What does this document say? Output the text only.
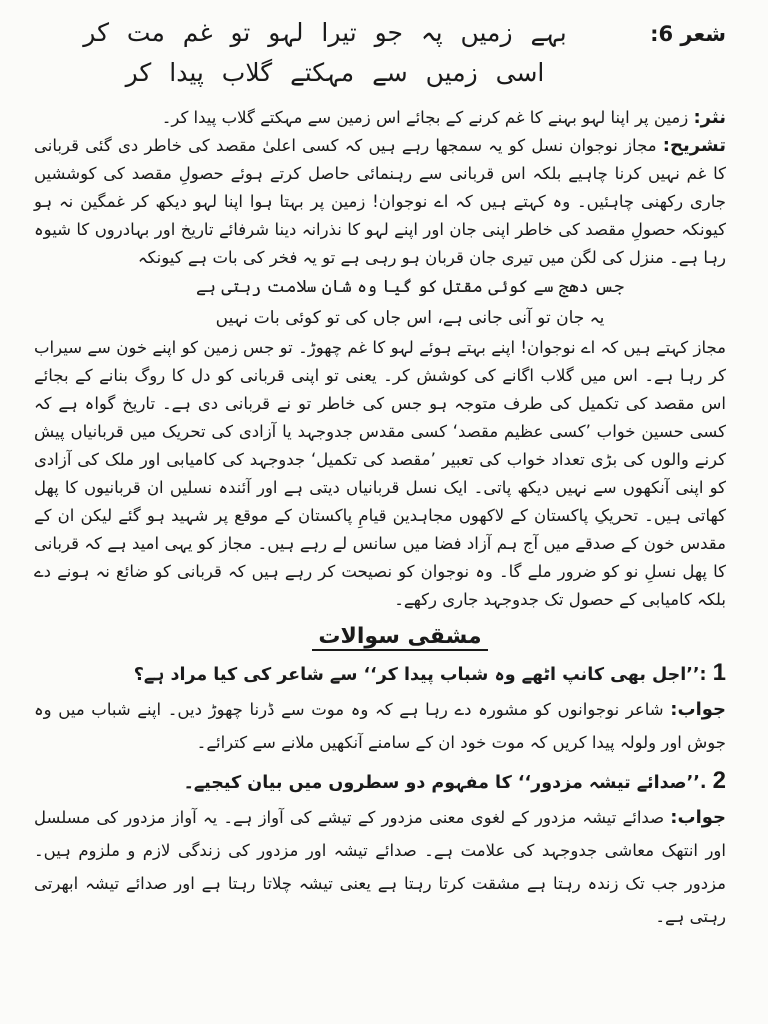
شعر 6:
بہے زمیں پہ جو تیرا لہو تو غم مت کر
اسی زمیں سے مہکتے گلاب پیدا کر

نثر: زمین پر اپنا لہو بہنے کا غم کرنے کے بجائے اس زمین سے مہکتے گلاب پیدا کر۔

تشریح: مجاز نوجوان نسل کو یہ سمجھا رہے ہیں کہ کسی اعلیٰ مقصد کی خاطر دی گئی قربانی کا غم نہیں کرنا چاہیے بلکہ اس قربانی سے رہنمائی حاصل کرتے ہوئے حصولِ مقصد کی کوششیں جاری رکھنی چاہئیں۔ وہ کہتے ہیں کہ اے نوجوان! زمین پر بہتا ہوا اپنا لہو دیکھ کر غمگین نہ ہو کیونکہ حصولِ مقصد کی خاطر اپنی جان اور اپنے لہو کا نذرانہ دینا شرفائے تاریخ اور بہادروں کا شیوہ رہا ہے۔ منزل کی لگن میں تیری جان قربان ہو رہی ہے تو یہ فخر کی بات ہے کیونکہ

جس دھج سے کوئی مقتل کو گیا وہ شان سلامت رہتی ہے
یہ جان تو آنی جانی ہے، اس جاں کی تو کوئی بات نہیں

مجاز کہتے ہیں کہ اے نوجوان! اپنے بہتے ہوئے لہو کا غم چھوڑ۔ تو جس زمین کو اپنے خون سے سیراب کر رہا ہے۔ اس میں گلاب اگانے کی کوشش کر۔ یعنی تو اپنی قربانی کو دل کا روگ بنانے کے بجائے اس مقصد کی تکمیل کی طرف متوجہ ہو جس کی خاطر تو نے قربانی دی ہے۔ تاریخ گواہ ہے کہ کسی حسین خواب ’کسی عظیم مقصد‘ کسی مقدس جدوجہد یا آزادی کی تحریک میں قربانیاں پیش کرنے والوں کی بڑی تعداد خواب کی تعبیر ’مقصد کی تکمیل‘ جدوجہد کی کامیابی اور ملک کی آزادی کو اپنی آنکھوں سے نہیں دیکھ پاتی۔ ایک نسل قربانیاں دیتی ہے اور آئندہ نسلیں ان قربانیوں کا پھل کھاتی ہیں۔ تحریکِ پاکستان کے لاکھوں مجاہدین قیامِ پاکستان کے موقع پر شہید ہو گئے لیکن ان کے مقدس خون کے صدقے میں آج ہم آزاد فضا میں سانس لے رہے ہیں۔ مجاز کو یہی امید ہے کہ قربانی کا پھل نسلِ نو کو ضرور ملے گا۔ وہ نوجوان کو نصیحت کر رہے ہیں کہ قربانی کو ضائع نہ ہونے دے بلکہ کامیابی کے حصول تک جدوجہد جاری رکھے۔

مشقی سوالات
1 :’’اجل بھی کانپ اٹھے وہ شباب پیدا کر‘‘ سے شاعر کی کیا مراد ہے؟

جواب: شاعر نوجوانوں کو مشورہ دے رہا ہے کہ وہ موت سے ڈرنا چھوڑ دیں۔ اپنے شباب میں وہ جوش اور ولولہ پیدا کریں کہ موت خود ان کے سامنے آنکھیں ملانے سے کترائے۔

2 .’’صدائے تیشہ مزدور‘‘ کا مفہوم دو سطروں میں بیان کیجیے۔

جواب: صدائے تیشہ مزدور کے لغوی معنی مزدور کے تیشے کی آواز ہے۔ یہ آواز مزدور کی مسلسل اور انتھک معاشی جدوجہد کی علامت ہے۔ صدائے تیشہ اور مزدور کی زندگی لازم و ملزوم ہیں۔ مزدور جب تک زندہ رہتا ہے مشقت کرتا رہتا ہے یعنی تیشہ چلاتا رہتا ہے اور صدائے تیشہ ابھرتی رہتی ہے۔
